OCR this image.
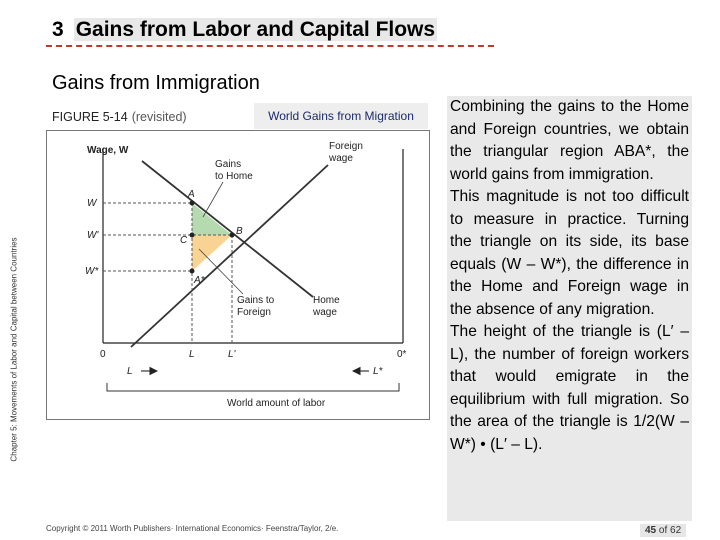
3 Gains from Labor and Capital Flows
Gains from Immigration
Chapter 5: Movements of Labor and Capital between Countries
FIGURE 5-14 (revisited)	World Gains from Migration
A
B
C
A*
W
W'
W*
0	L	L'	0*
Wage, W
World amount of labor
Foreign
wage
Home
wage
Gains
to Home
Gains to
Foreign
L	L*

Combining the gains to the Home and Foreign countries, we obtain the triangular region ABA*, the world gains from immigration.

This magnitude is not too difficult to measure in practice. Turning the triangle on its side, its base equals (W – W*), the difference in the Home and Foreign wage in the absence of any migration.

The height of the triangle is (L′ – L), the number of foreign workers that would emigrate in the equilibrium with full migration. So the area of the triangle is 1/2(W – W*) • (L′ – L).

Copyright © 2011 Worth Publishers· International Economics· Feenstra/Taylor, 2/e.	45 of 62
